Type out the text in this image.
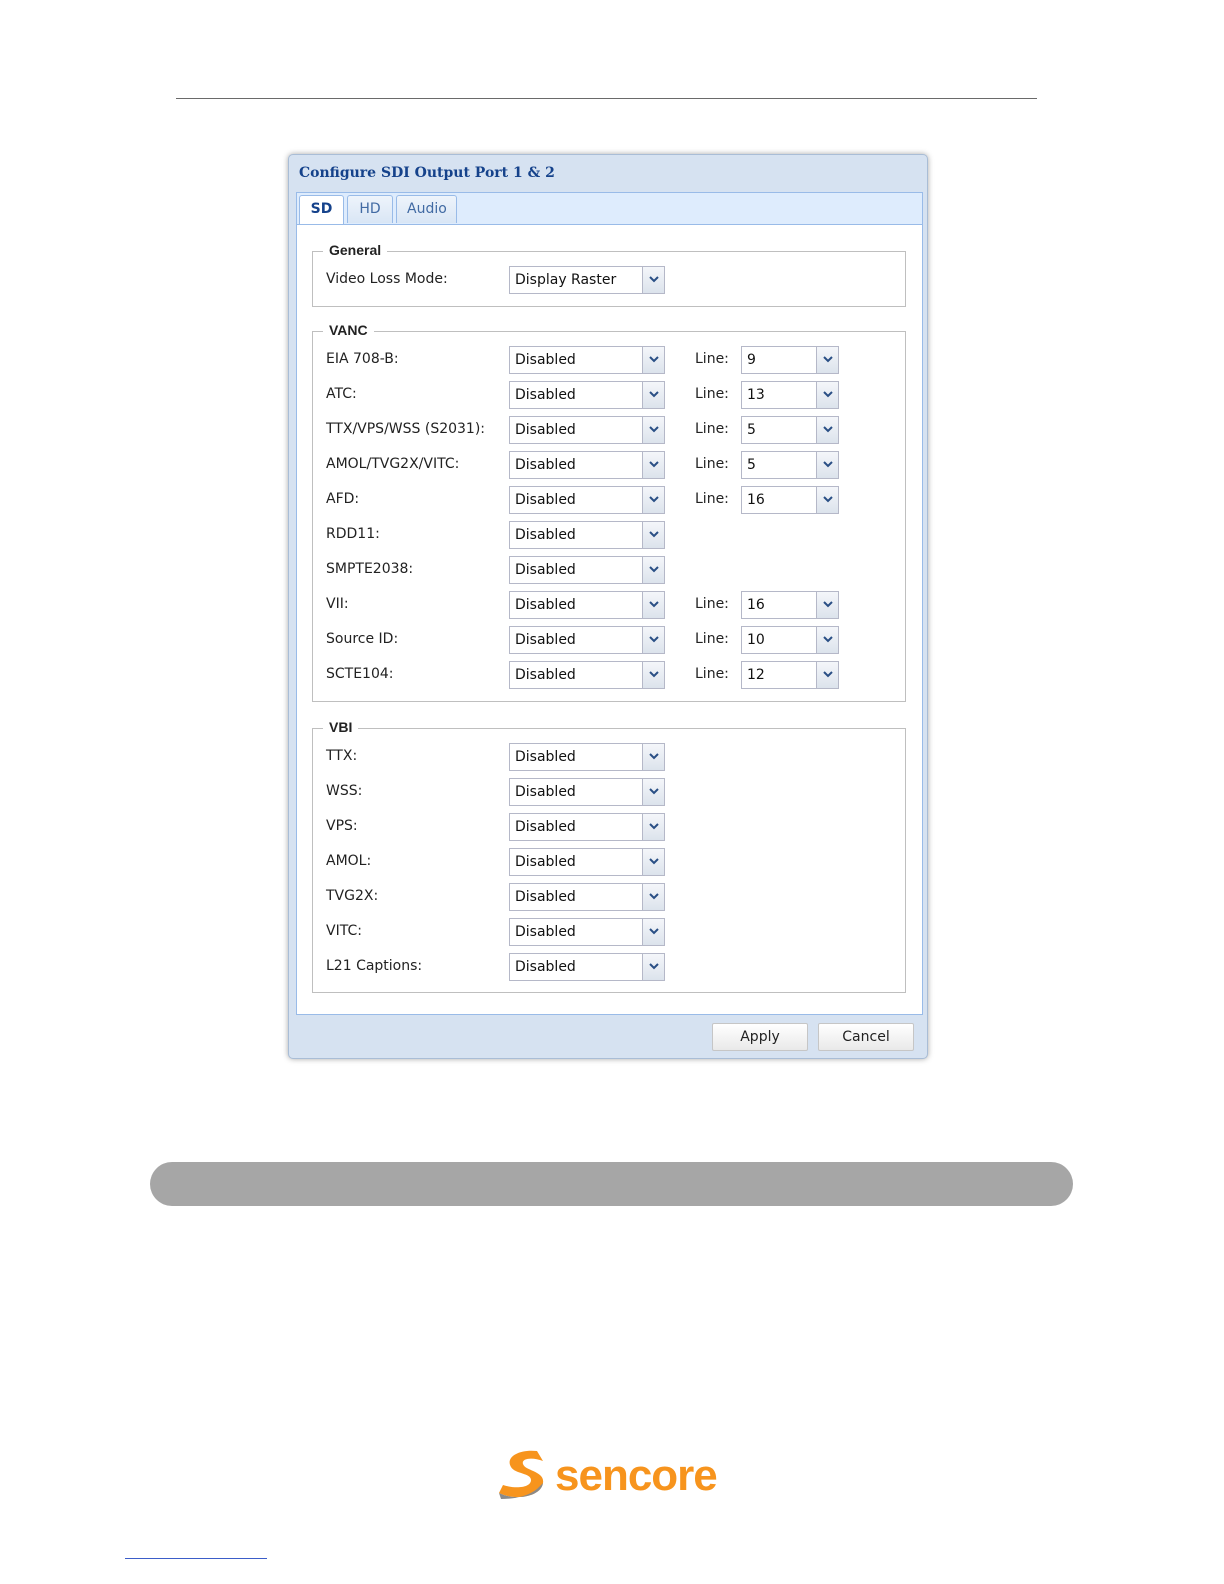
Configure SDI Output Port 1 & 2
SD	HD	Audio
General
Video Loss Mode:	Display Raster
VANC
EIA 708-B:	Disabled	Line: 9
ATC:	Disabled	Line: 13
TTX/VPS/WSS (S2031): Disabled	Line: 5
AMOL/TVG2X/VITC:	Disabled	Line: 5
AFD:	Disabled	Line: 16
RDD11:	Disabled
SMPTE2038:	Disabled
VII:	Disabled	Line: 16
Source ID:	Disabled	Line: 10
SCTE104:	Disabled	Line: 12
VBI
TTX:	Disabled
WSS:	Disabled
VPS:	Disabled
AMOL:	Disabled
TVG2X:	Disabled
VITC:	Disabled
L21 Captions:	Disabled
Apply	Cancel
sencore
